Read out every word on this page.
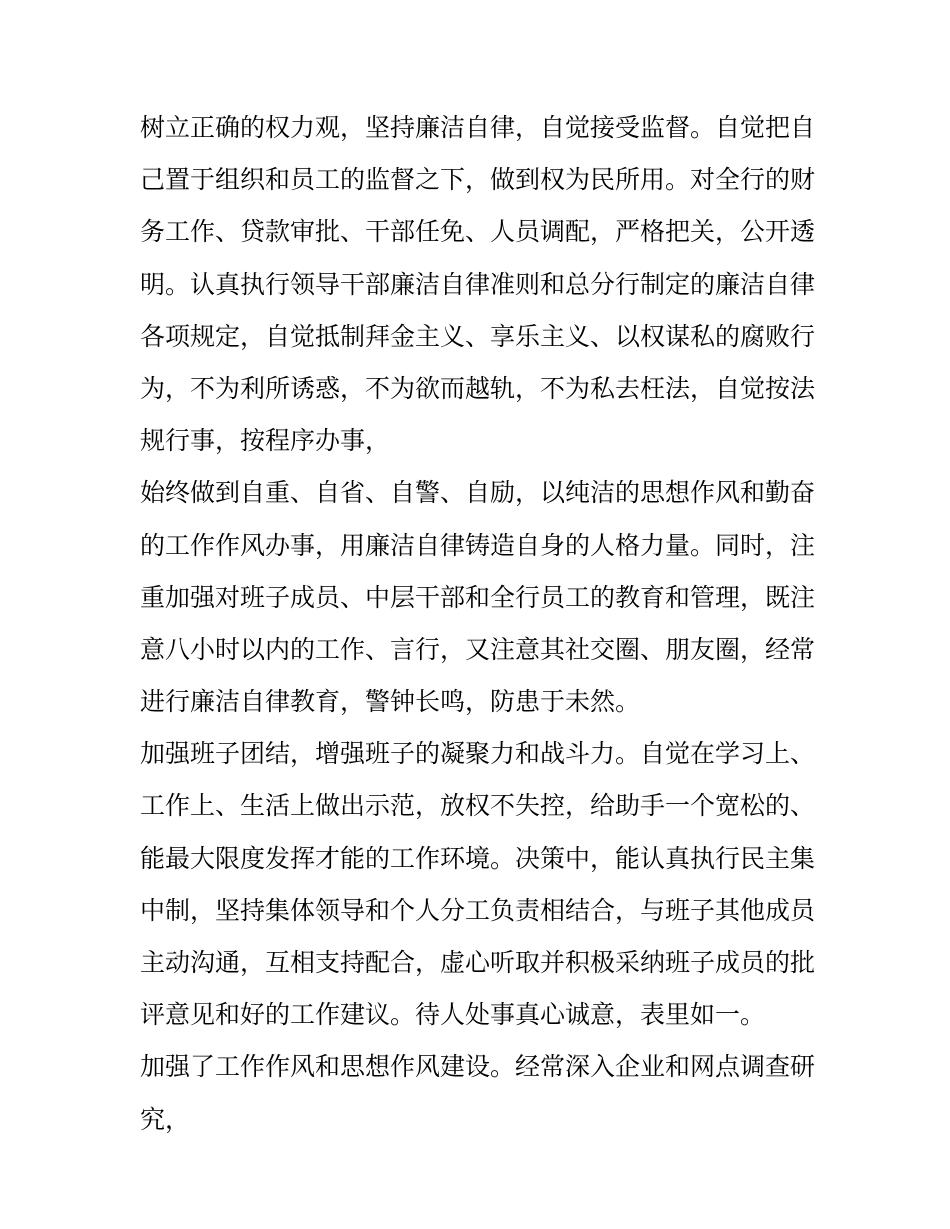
树立正确的权力观，坚持廉洁自律，自觉接受监督。自觉把自
己置于组织和员工的监督之下，做到权为民所用。对全行的财
务工作、贷款审批、干部任免、人员调配，严格把关，公开透
明。认真执行领导干部廉洁自律准则和总分行制定的廉洁自律
各项规定，自觉抵制拜金主义、享乐主义、以权谋私的腐败行
为，不为利所诱惑，不为欲而越轨，不为私去枉法，自觉按法
规行事，按程序办事，
始终做到自重、自省、自警、自励，以纯洁的思想作风和勤奋
的工作作风办事，用廉洁自律铸造自身的人格力量。同时，注
重加强对班子成员、中层干部和全行员工的教育和管理，既注
意八小时以内的工作、言行，又注意其社交圈、朋友圈，经常
进行廉洁自律教育，警钟长鸣，防患于未然。
加强班子团结，增强班子的凝聚力和战斗力。自觉在学习上、
工作上、生活上做出示范，放权不失控，给助手一个宽松的、
能最大限度发挥才能的工作环境。决策中，能认真执行民主集
中制，坚持集体领导和个人分工负责相结合，与班子其他成员
主动沟通，互相支持配合，虚心听取并积极采纳班子成员的批
评意见和好的工作建议。待人处事真心诚意，表里如一。
加强了工作作风和思想作风建设。经常深入企业和网点调查研
究，
